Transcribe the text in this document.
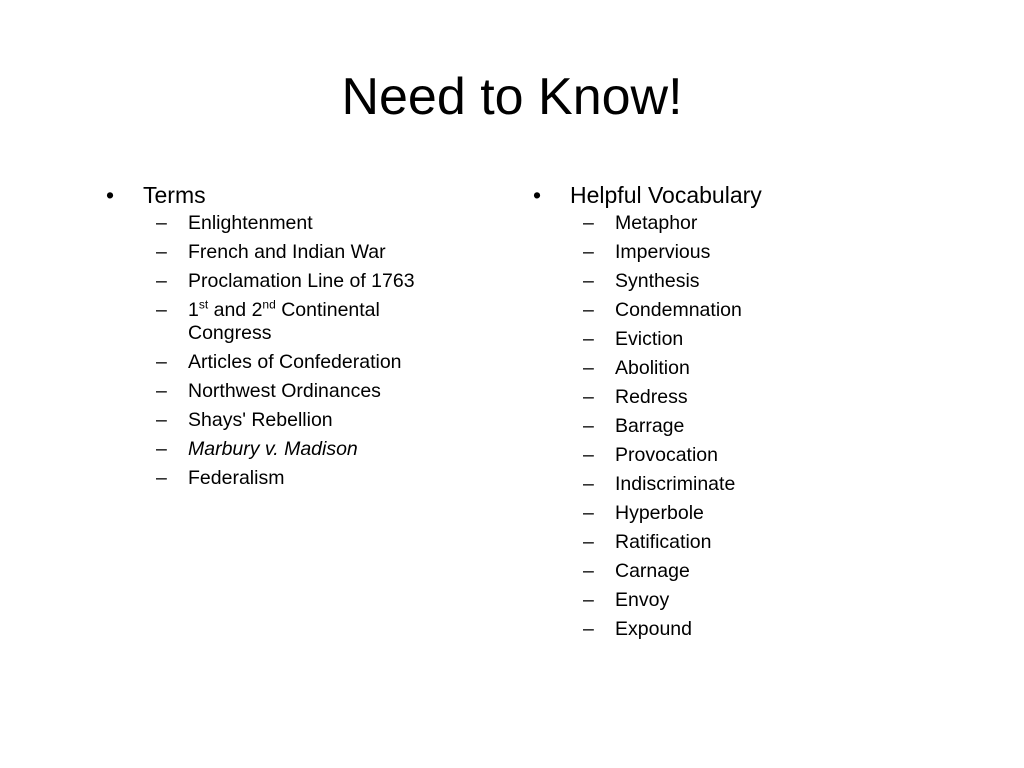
Need to Know!
• Terms
– Enlightenment
– French and Indian War
– Proclamation Line of 1763
– 1st and 2nd Continental Congress
– Articles of Confederation
– Northwest Ordinances
– Shays' Rebellion
– Marbury v. Madison
– Federalism
• Helpful Vocabulary
– Metaphor
– Impervious
– Synthesis
– Condemnation
– Eviction
– Abolition
– Redress
– Barrage
– Provocation
– Indiscriminate
– Hyperbole
– Ratification
– Carnage
– Envoy
– Expound
